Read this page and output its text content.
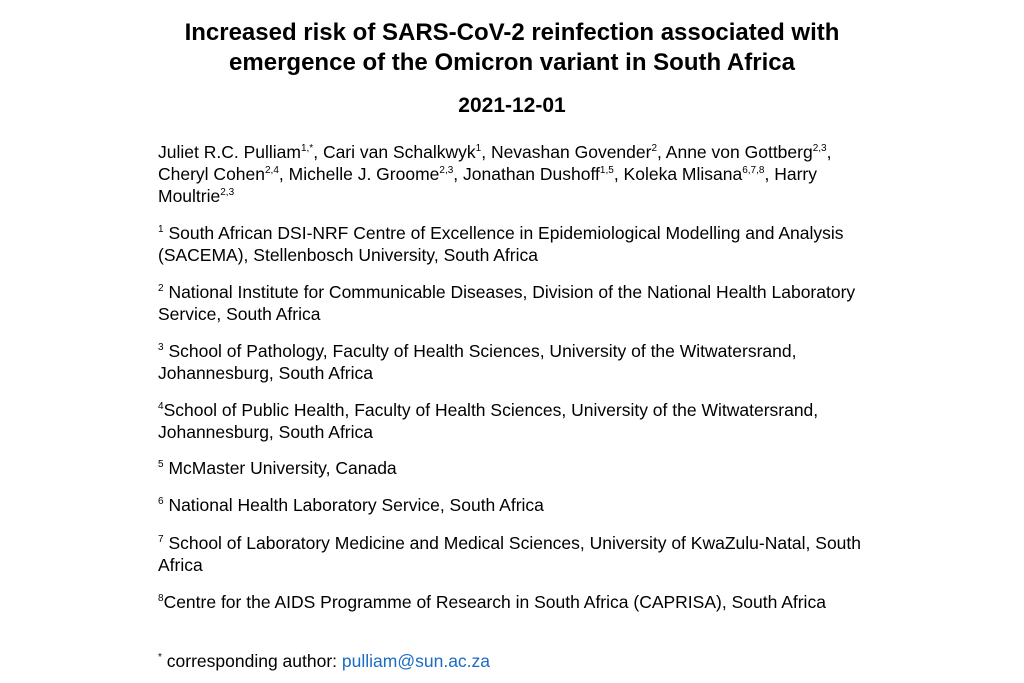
Increased risk of SARS-CoV-2 reinfection associated with emergence of the Omicron variant in South Africa
2021-12-01
Juliet R.C. Pulliam$^{1,*}$, Cari van Schalkwyk$^1$, Nevashan Govender$^2$, Anne von Gottberg$^{2,3}$, Cheryl Cohen$^{2,4}$, Michelle J. Groome$^{2,3}$, Jonathan Dushoff$^{1,5}$, Koleka Mlisana$^{6,7,8}$, Harry Moultrie$^{2,3}$

$^1$ South African DSI-NRF Centre of Excellence in Epidemiological Modelling and Analysis (SACEMA), Stellenbosch University, South Africa

$^2$ National Institute for Communicable Diseases, Division of the National Health Laboratory Service, South Africa

$^3$ School of Pathology, Faculty of Health Sciences, University of the Witwatersrand, Johannesburg, South Africa

$^4$School of Public Health, Faculty of Health Sciences, University of the Witwatersrand, Johannesburg, South Africa

$^5$ McMaster University, Canada

$^6$ National Health Laboratory Service, South Africa

$^7$ School of Laboratory Medicine and Medical Sciences, University of KwaZulu-Natal, South Africa

$^8$Centre for the AIDS Programme of Research in South Africa (CAPRISA), South Africa

* corresponding author: pulliam@sun.ac.za
